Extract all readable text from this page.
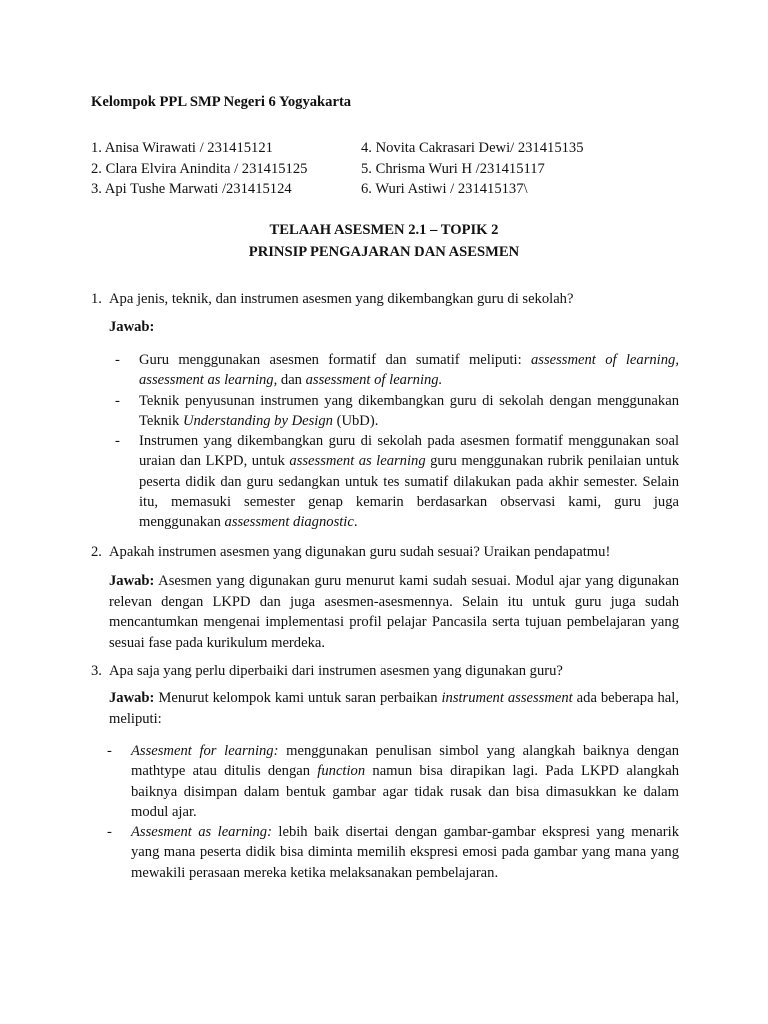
Kelompok PPL SMP Negeri 6 Yogyakarta
1. Anisa Wirawati / 231415121
2. Clara Elvira Anindita / 231415125
3. Api Tushe Marwati /231415124
4. Novita Cakrasari Dewi/ 231415135
5. Chrisma Wuri H /231415117
6. Wuri Astiwi / 231415137\
TELAAH ASESMEN 2.1 – TOPIK 2
PRINSIP PENGAJARAN DAN ASESMEN
1. Apa jenis, teknik, dan instrumen asesmen yang dikembangkan guru di sekolah?
Jawab:
-	Guru menggunakan asesmen formatif dan sumatif meliputi: assessment of learning, assessment as learning, dan assessment of learning.
-	Teknik penyusunan instrumen yang dikembangkan guru di sekolah dengan menggunakan Teknik Understanding by Design (UbD).
-	Instrumen yang dikembangkan guru di sekolah pada asesmen formatif menggunakan soal uraian dan LKPD, untuk assessment as learning guru menggunakan rubrik penilaian untuk peserta didik dan guru sedangkan untuk tes sumatif dilakukan pada akhir semester. Selain itu, memasuki semester genap kemarin berdasarkan observasi kami, guru juga menggunakan assessment diagnostic.
2. Apakah instrumen asesmen yang digunakan guru sudah sesuai? Uraikan pendapatmu!
Jawab: Asesmen yang digunakan guru menurut kami sudah sesuai. Modul ajar yang digunakan relevan dengan LKPD dan juga asesmen-asesmennya. Selain itu untuk guru juga sudah mencantumkan mengenai implementasi profil pelajar Pancasila serta tujuan pembelajaran yang sesuai fase pada kurikulum merdeka.
3. Apa saja yang perlu diperbaiki dari instrumen asesmen yang digunakan guru?
Jawab: Menurut kelompok kami untuk saran perbaikan instrument assessment ada beberapa hal, meliputi:
-	Assesment for learning: menggunakan penulisan simbol yang alangkah baiknya dengan mathtype atau ditulis dengan function namun bisa dirapikan lagi. Pada LKPD alangkah baiknya disimpan dalam bentuk gambar agar tidak rusak dan bisa dimasukkan ke dalam modul ajar.
-	Assesment as learning: lebih baik disertai dengan gambar-gambar ekspresi yang menarik yang mana peserta didik bisa diminta memilih ekspresi emosi pada gambar yang mana yang mewakili perasaan mereka ketika melaksanakan pembelajaran.
